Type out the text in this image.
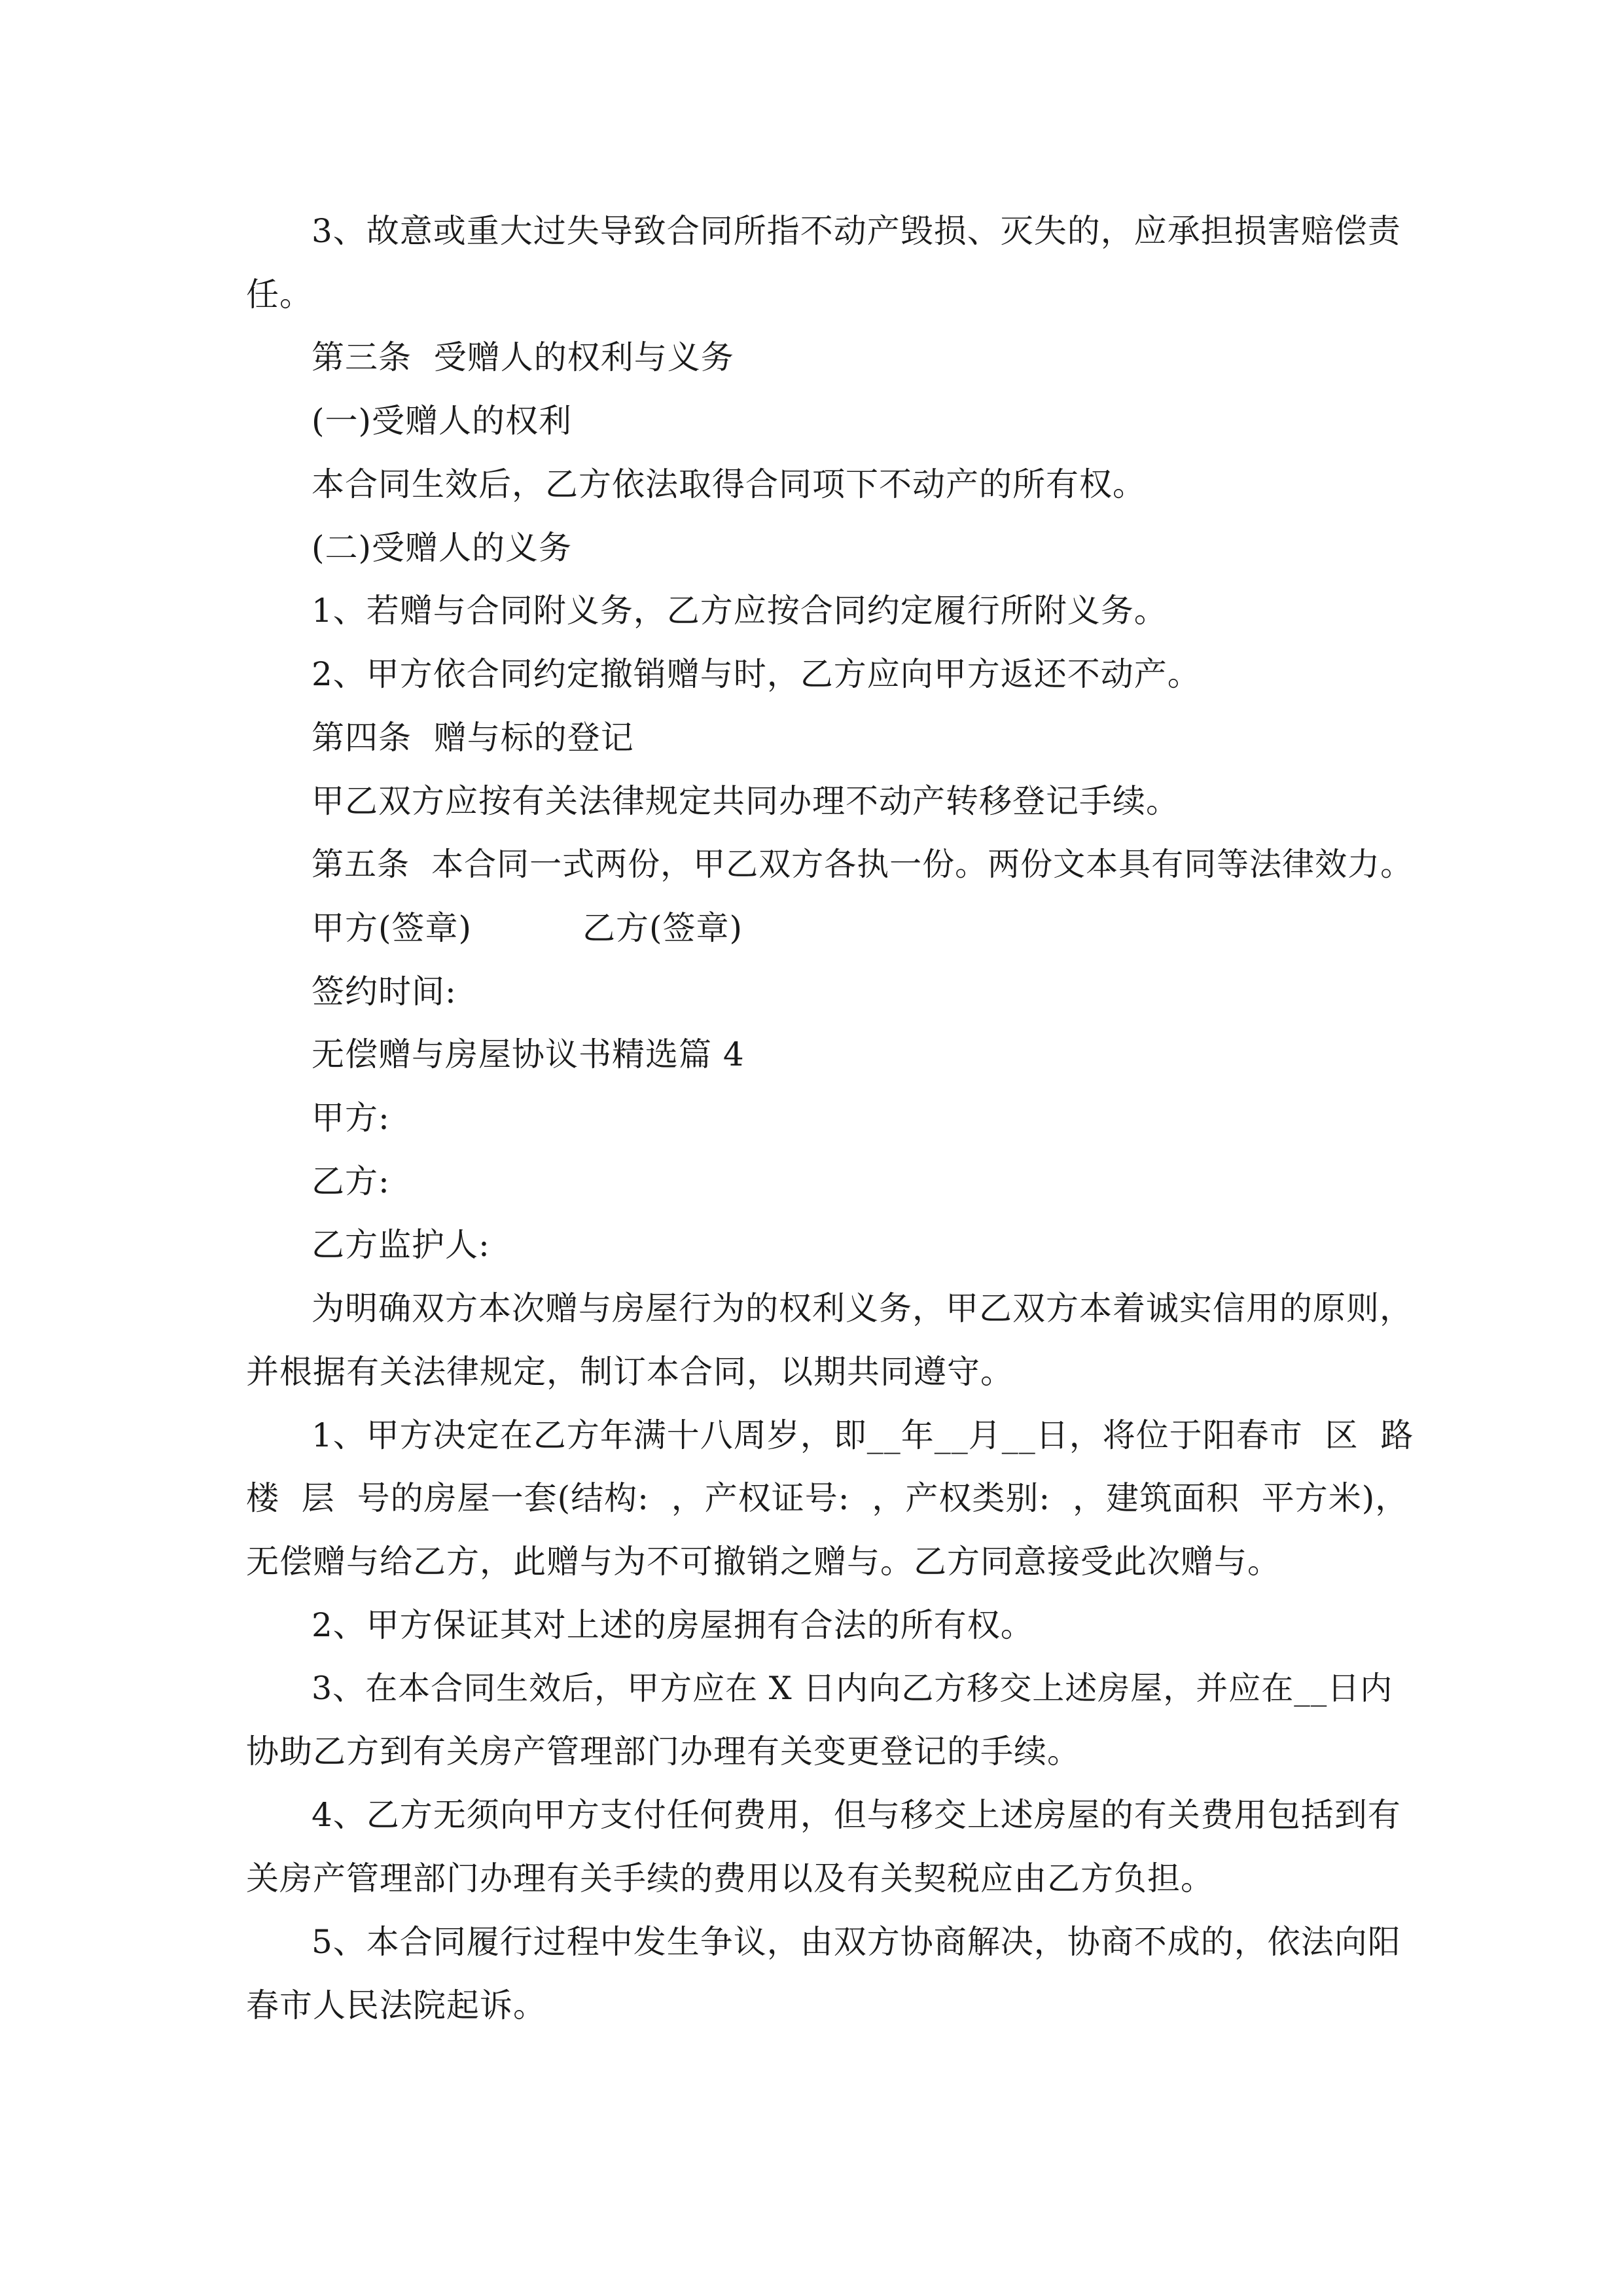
3、故意或重大过失导致合同所指不动产毁损、灭失的，应承担损害赔偿责
任。
第三条  受赠人的权利与义务
(一)受赠人的权利
本合同生效后，乙方依法取得合同项下不动产的所有权。
(二)受赠人的义务
1、若赠与合同附义务，乙方应按合同约定履行所附义务。
2、甲方依合同约定撤销赠与时，乙方应向甲方返还不动产。
第四条  赠与标的登记
甲乙双方应按有关法律规定共同办理不动产转移登记手续。
第五条  本合同一式两份，甲乙双方各执一份。两份文本具有同等法律效力。
甲方(签章)          乙方(签章)
签约时间:
无偿赠与房屋协议书精选篇 4
甲方:
乙方:
乙方监护人:
为明确双方本次赠与房屋行为的权利义务，甲乙双方本着诚实信用的原则，
并根据有关法律规定，制订本合同，以期共同遵守。
1、甲方决定在乙方年满十八周岁，即__年__月__日，将位于阳春市  区  路
楼  层  号的房屋一套(结构:  ，产权证号:  ，产权类别:  ，建筑面积  平方米)，
无偿赠与给乙方，此赠与为不可撤销之赠与。乙方同意接受此次赠与。
2、甲方保证其对上述的房屋拥有合法的所有权。
3、在本合同生效后，甲方应在 X 日内向乙方移交上述房屋，并应在__日内
协助乙方到有关房产管理部门办理有关变更登记的手续。
4、乙方无须向甲方支付任何费用，但与移交上述房屋的有关费用包括到有
关房产管理部门办理有关手续的费用以及有关契税应由乙方负担。
5、本合同履行过程中发生争议，由双方协商解决，协商不成的，依法向阳
春市人民法院起诉。
